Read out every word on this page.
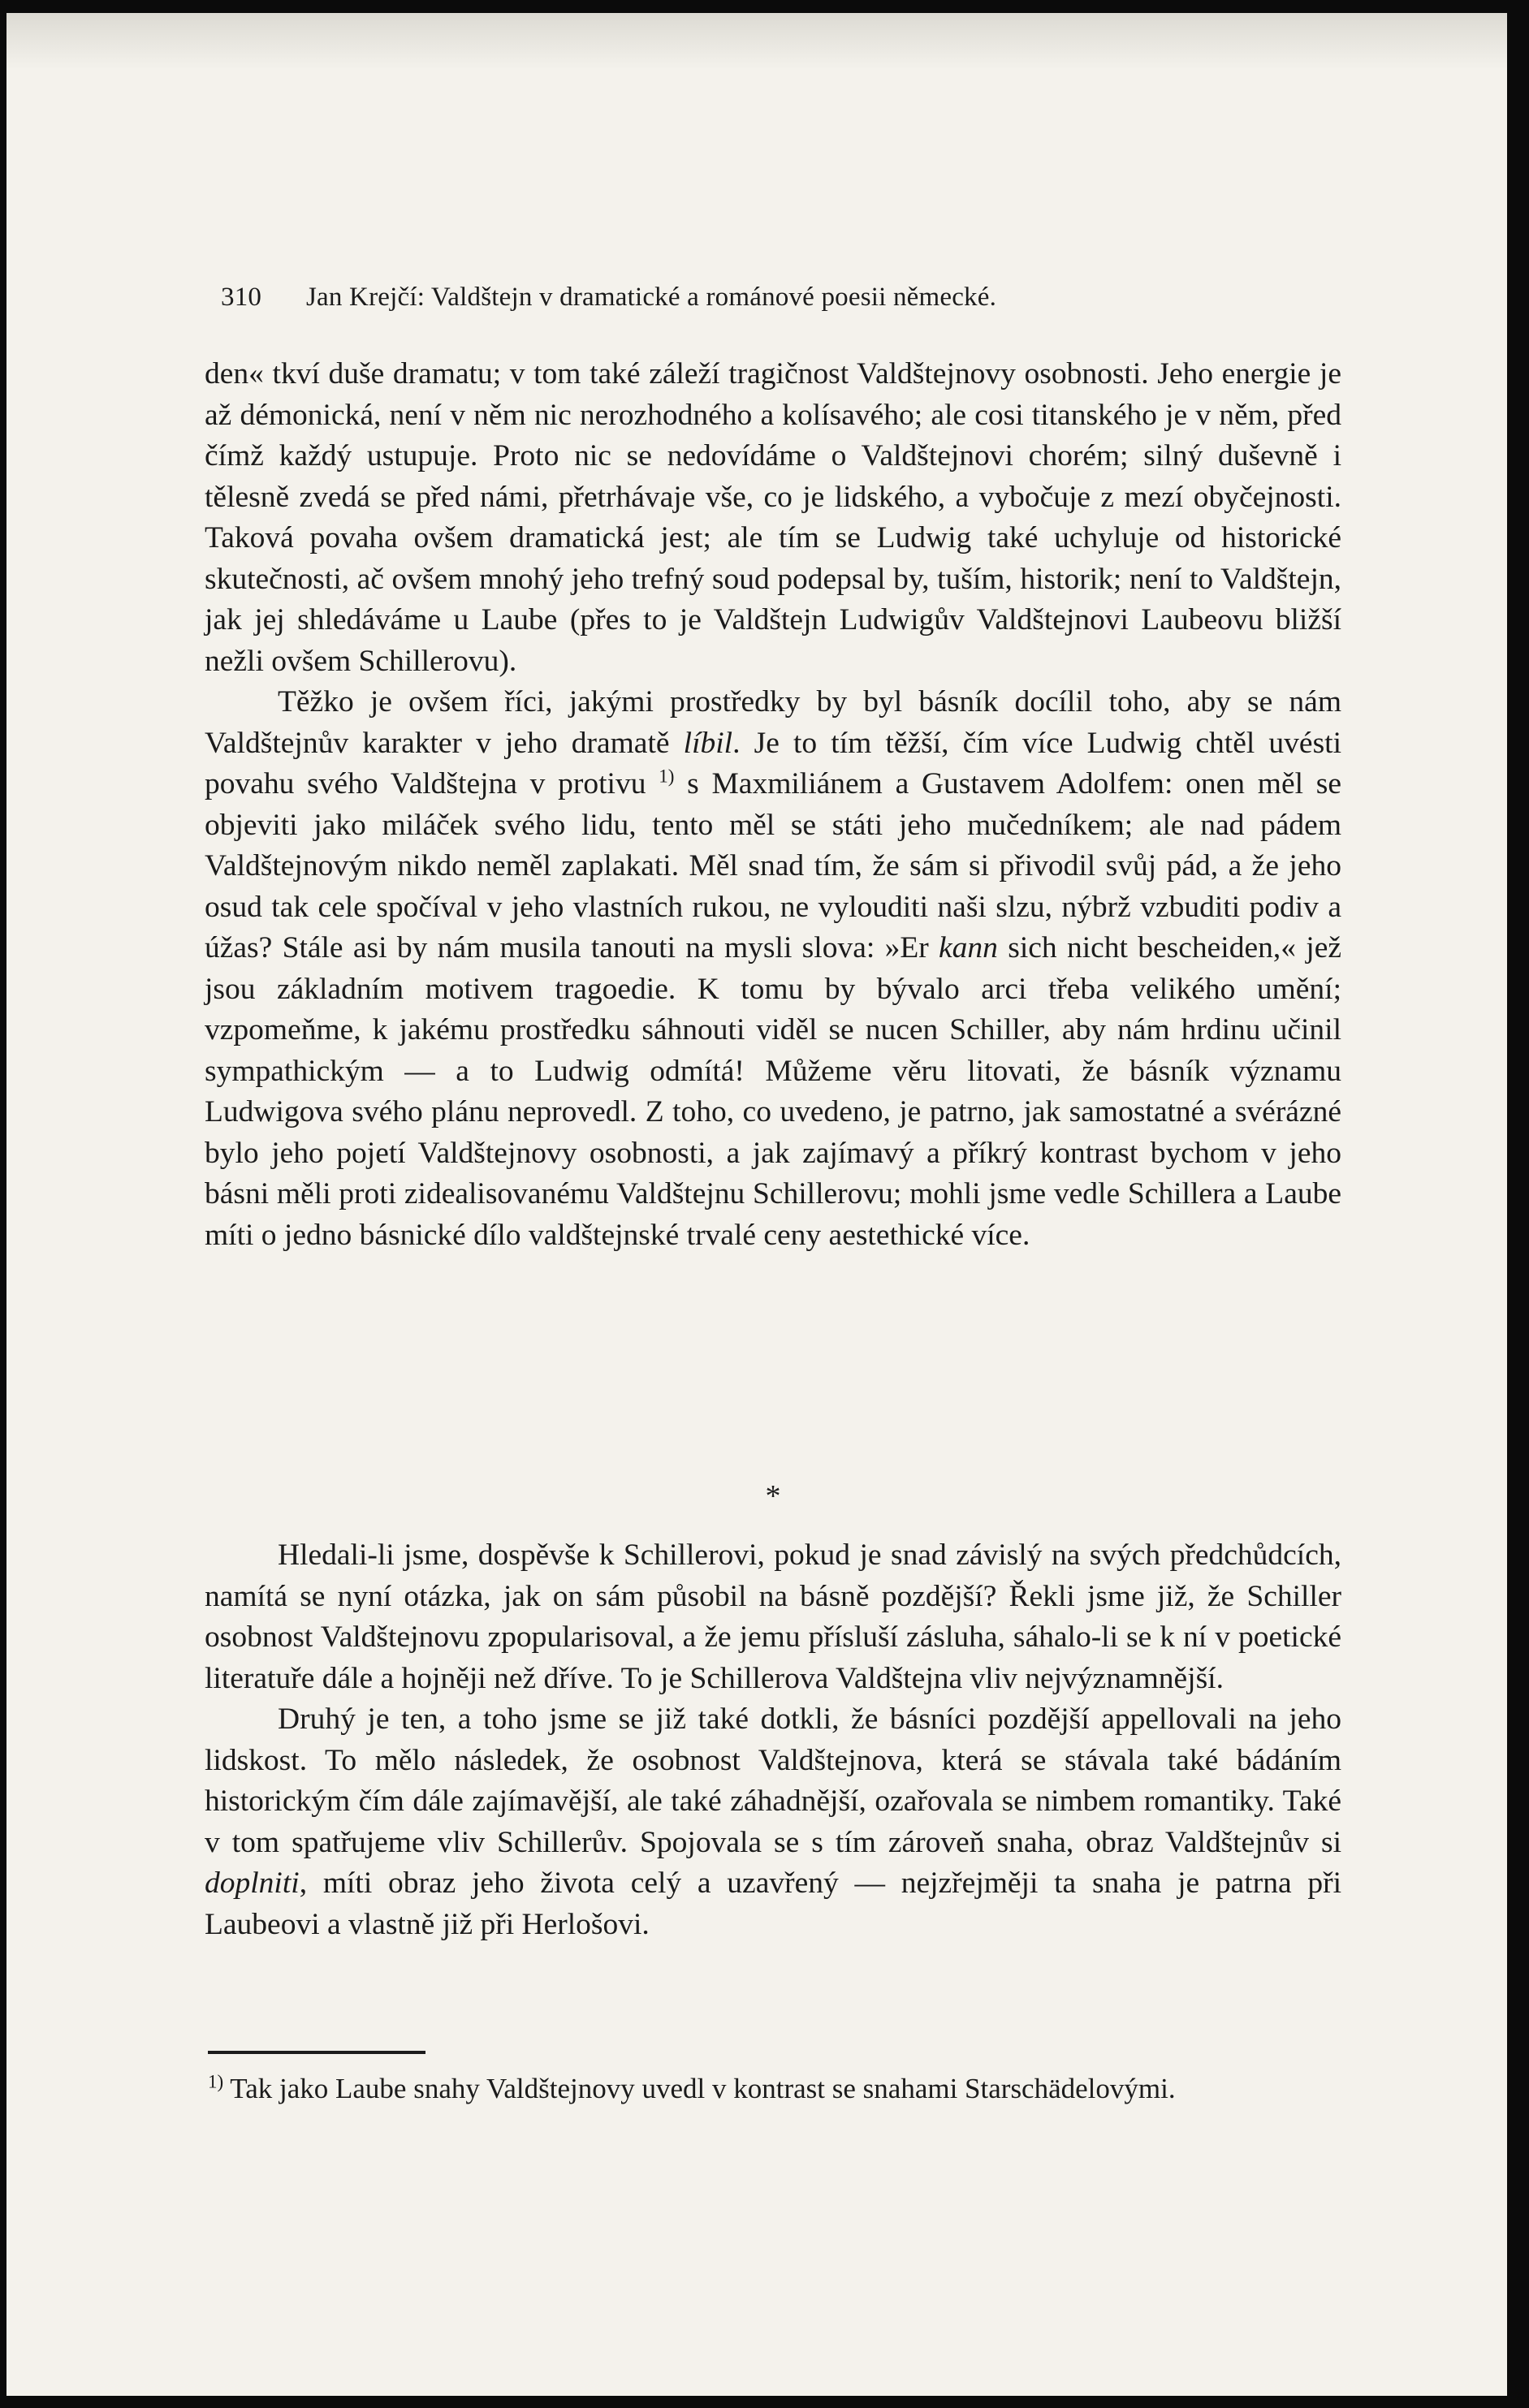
310 Jan Krejčí: Valdštejn v dramatické a románové poesii německé.

den« tkví duše dramatu; v tom také záleží tragičnost Valdštejnovy osobnosti. Jeho energie je až démonická, není v něm nic nerozhodného a kolísavého; ale cosi titanského je v něm, před čímž každý ustupuje. Proto nic se nedovídáme o Valdštejnovi chorém; silný duševně i tělesně zvedá se před námi, přetrhávaje vše, co je lidského, a vybočuje z mezí obyčejnosti. Taková povaha ovšem dramatická jest; ale tím se Ludwig také uchyluje od historické skutečnosti, ač ovšem mnohý jeho trefný soud podepsal by, tuším, historik; není to Valdštejn, jak jej shledáváme u Laube (přes to je Valdštejn Ludwigův Valdštejnovi Laubeovu bližší nežli ovšem Schillerovu).

Těžko je ovšem říci, jakými prostředky by byl básník docílil toho, aby se nám Valdštejnův karakter v jeho dramatě líbil. Je to tím těžší, čím více Ludwig chtěl uvésti povahu svého Valdštejna v protivu $^{1)}$ s Maxmiliánem a Gustavem Adolfem: onen měl se objeviti jako miláček svého lidu, tento měl se státi jeho mučedníkem; ale nad pádem Valdštejnovým nikdo neměl zaplakati. Měl snad tím, že sám si přivodil svůj pád, a že jeho osud tak cele spočíval v jeho vlastních rukou, ne vylouditi naši slzu, nýbrž vzbuditi podiv a úžas? Stále asi by nám musila tanouti na mysli slova: »Er kann sich nicht bescheiden,« jež jsou základním motivem tragoedie. K tomu by bývalo arci třeba velikého umění; vzpomeňme, k jakému prostředku sáhnouti viděl se nucen Schiller, aby nám hrdinu učinil sympathickým — a to Ludwig odmítá! Můžeme věru litovati, že básník významu Ludwigova svého plánu neprovedl. Z toho, co uvedeno, je patrno, jak samostatné a svérázné bylo jeho pojetí Valdštejnovy osobnosti, a jak zajímavý a příkrý kontrast bychom v jeho básni měli proti zidealisovanému Valdštejnu Schillerovu; mohli jsme vedle Schillera a Laube míti o jedno básnické dílo valdštejnské trvalé ceny aestethické více.

*

Hledali-li jsme, dospěvše k Schillerovi, pokud je snad závislý na svých předchůdcích, namítá se nyní otázka, jak on sám působil na básně pozdější? Řekli jsme již, že Schiller osobnost Valdštejnovu zpopularisoval, a že jemu přísluší zásluha, sáhalo-li se k ní v poetické literatuře dále a hojněji než dříve. To je Schillerova Valdštejna vliv nejvýznamnější.

Druhý je ten, a toho jsme se již také dotkli, že básníci pozdější appellovali na jeho lidskost. To mělo následek, že osobnost Valdštejnova, která se stávala také bádáním historickým čím dále zajímavější, ale také záhadnější, ozařovala se nimbem romantiky. Také v tom spatřujeme vliv Schillerův. Spojovala se s tím zároveň snaha, obraz Valdštejnův si doplniti, míti obraz jeho života celý a uzavřený — nejzřejměji ta snaha je patrna při Laubeovi a vlastně již při Herlošovi.

$^{1)}$ Tak jako Laube snahy Valdštejnovy uvedl v kontrast se snahami Starschädelovými.
